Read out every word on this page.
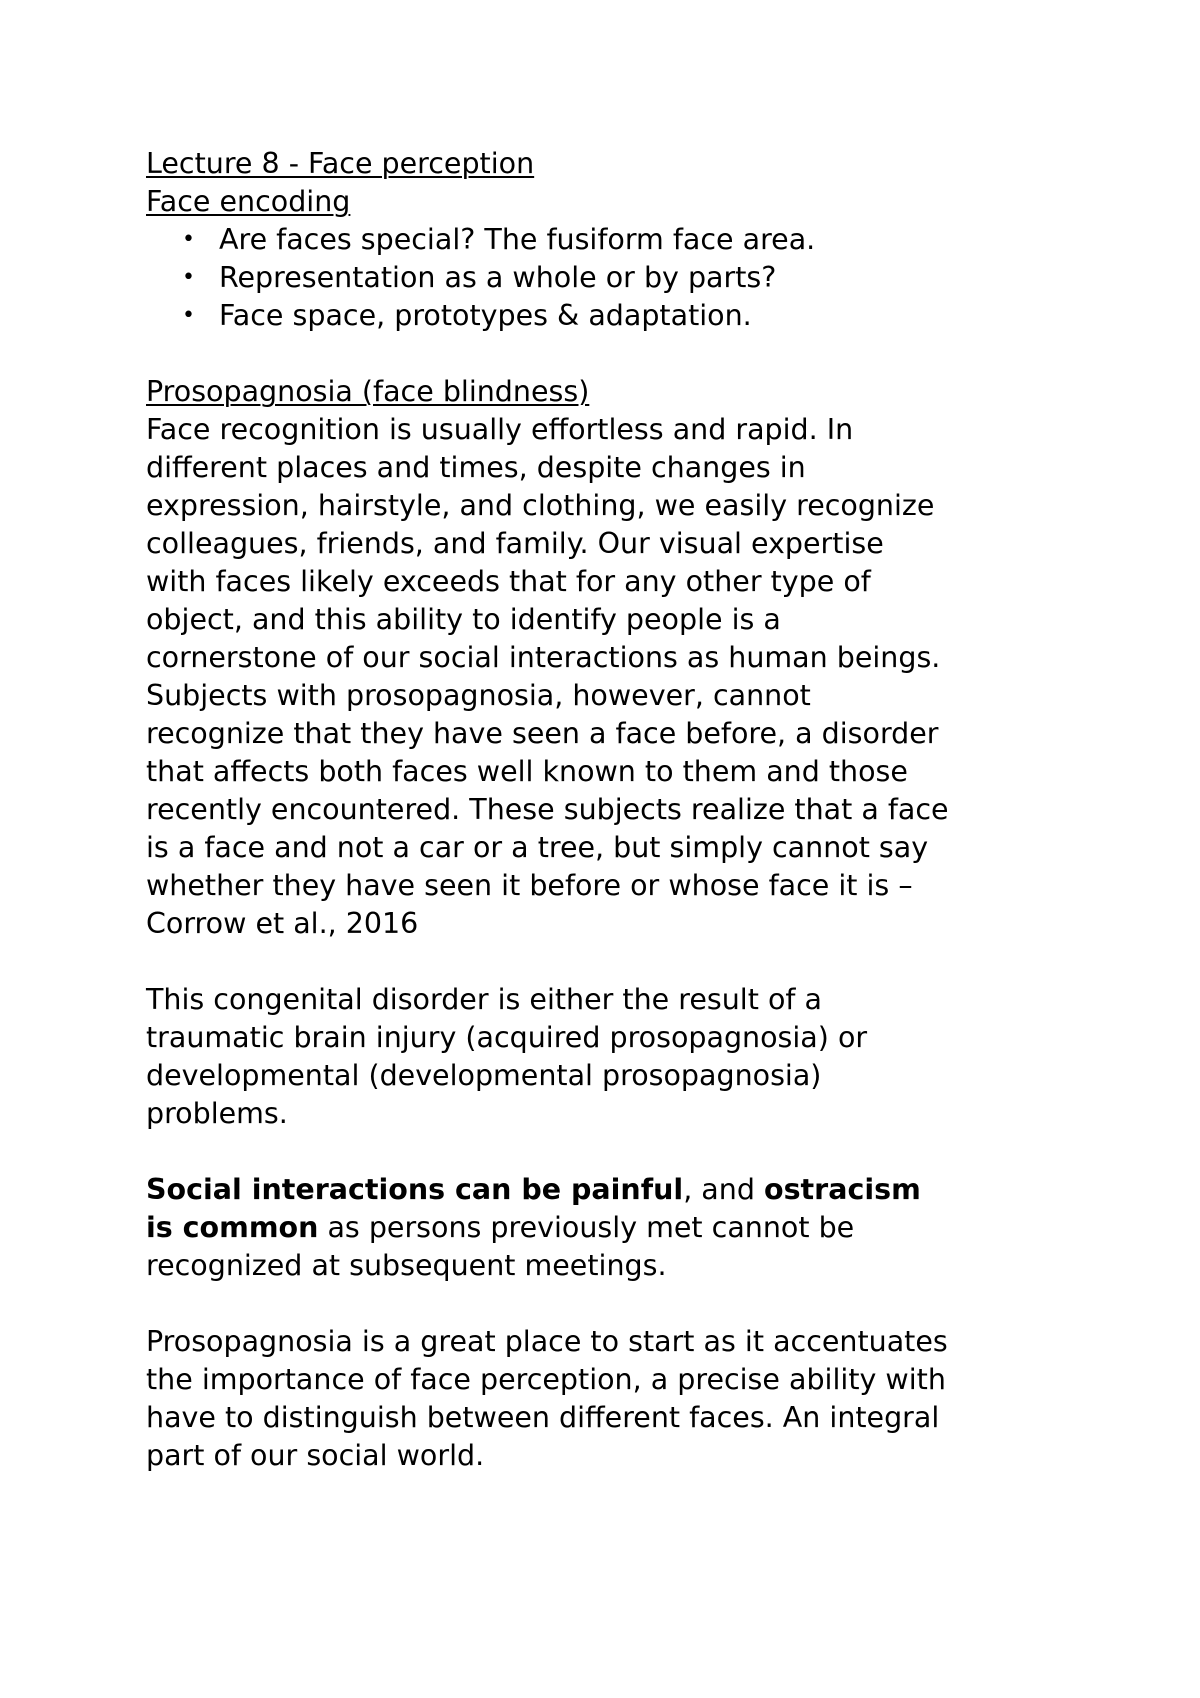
Lecture 8 - Face perception

Face encoding

• Are faces special? The fusiform face area.
• Representation as a whole or by parts?
• Face space, prototypes & adaptation.

Prosopagnosia (face blindness)

Face recognition is usually effortless and rapid. In

different places and times, despite changes in

expression, hairstyle, and clothing, we easily recognize

colleagues, friends, and family. Our visual expertise

with faces likely exceeds that for any other type of

object, and this ability to identify people is a

cornerstone of our social interactions as human beings.

Subjects with prosopagnosia, however, cannot

recognize that they have seen a face before, a disorder

that affects both faces well known to them and those

recently encountered. These subjects realize that a face

is a face and not a car or a tree, but simply cannot say

whether they have seen it before or whose face it is –

Corrow et al., 2016

This congenital disorder is either the result of a

traumatic brain injury (acquired prosopagnosia) or

developmental (developmental prosopagnosia)

problems.

Social interactions can be painful, and ostracism

is common as persons previously met cannot be

recognized at subsequent meetings.

Prosopagnosia is a great place to start as it accentuates

the importance of face perception, a precise ability with

have to distinguish between different faces. An integral

part of our social world.
